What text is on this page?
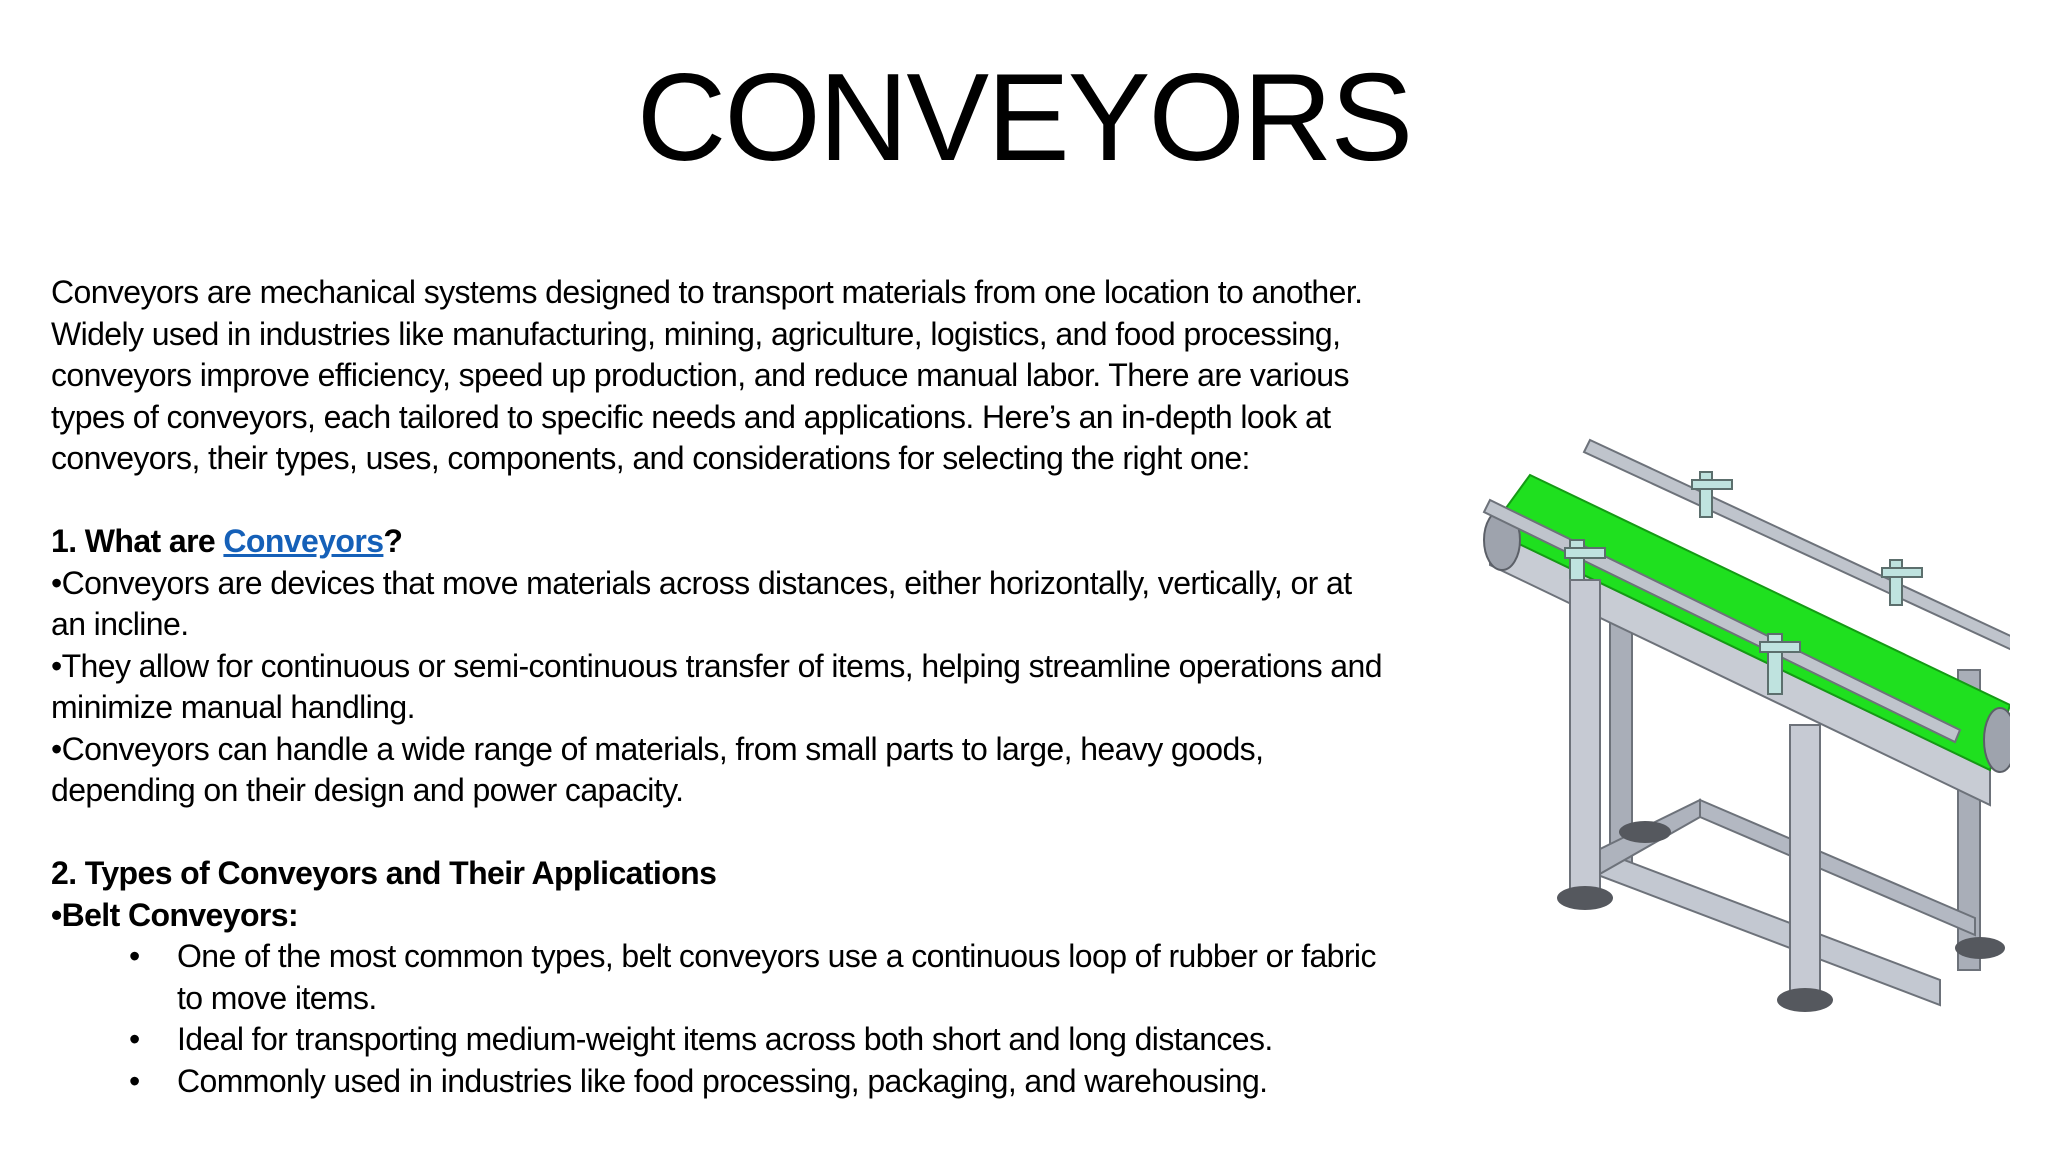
CONVEYORS

Conveyors are mechanical systems designed to transport materials from one location to another. Widely used in industries like manufacturing, mining, agriculture, logistics, and food processing, conveyors improve efficiency, speed up production, and reduce manual labor. There are various types of conveyors, each tailored to specific needs and applications. Here’s an in-depth look at conveyors, their types, uses, components, and considerations for selecting the right one:

1. What are Conveyors?

•Conveyors are devices that move materials across distances, either horizontally, vertically, or at an incline.

•They allow for continuous or semi-continuous transfer of items, helping streamline operations and minimize manual handling.

•Conveyors can handle a wide range of materials, from small parts to large, heavy goods, depending on their design and power capacity.

2. Types of Conveyors and Their Applications

•Belt Conveyors:

• One of the most common types, belt conveyors use a continuous loop of rubber or fabric to move items.
• Ideal for transporting medium-weight items across both short and long distances.
• Commonly used in industries like food processing, packaging, and warehousing.
